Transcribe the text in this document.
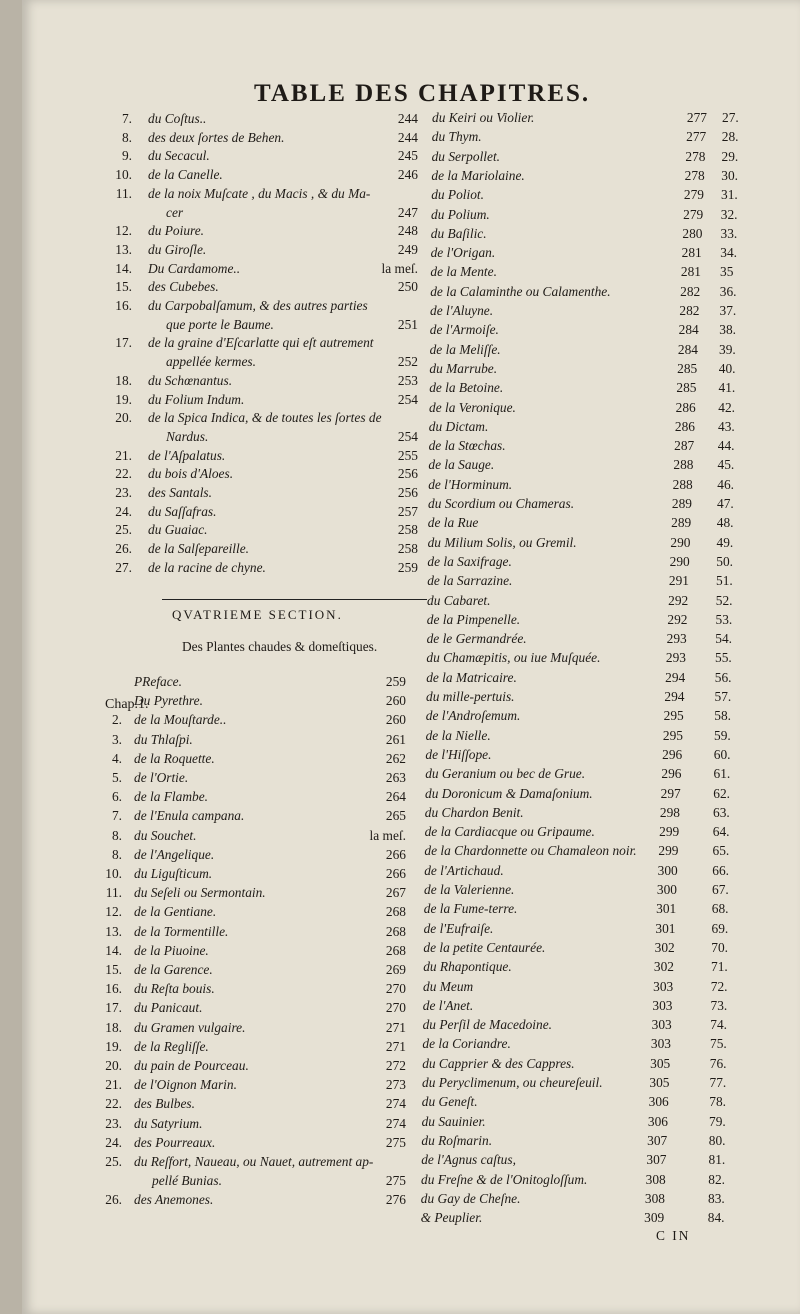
TABLE DES CHAPITRES.
7. du Coſtus..	244
8. des deux ſortes de Behen.	244
9. du Secacul.	245
10. de la Canelle.	246
11. de la noix Muſcate , du Macis , & du Ma-
cer	247
12. du Poiure.	248
13. du Giroſle.	249
14. Du Cardamome..	la meſ.
15. des Cubebes.	250
16. du Carpobalſamum, & des autres parties
que porte le Baume.	251
17. de la graine d'Eſcarlatte qui eſt autrement
appellée kermes.	252
18. du Schœnantus.	253
19. du Folium Indum.	254
20. de la Spica Indica, & de toutes les ſortes de
Nardus.	254
21. de l'Aſpalatus.	255
22. du bois d'Aloes.	256
23. des Santals.	256
24. du Saſſafras.	257
25. du Guaiac.	258
26. de la Salſepareille.	258
27. de la racine de chyne.	259
QVATRIEME SECTION.
Des Plantes chaudes & domeſtiques.
Chap.1.
PReface.	259
Du Pyrethre.	260
2. de la Mouſtarde..	260
3. du Thlaſpi.	261
4. de la Roquette.	262
5. de l'Ortie.	263
6. de la Flambe.	264
7. de l'Enula campana.	265
8. du Souchet.	la meſ.
8. de l'Angelique.	266
10. du Liguſticum.	266
11. du Seſeli ou Sermontain.	267
12. de la Gentiane.	268
13. de la Tormentille.	268
14. de la Piuoine.	268
15. de la Garence.	269
16. du Reſta bouis.	270
17. du Panicaut.	270
18. du Gramen vulgaire.	271
19. de la Regliſſe.	271
20. du pain de Pourceau.	272
21. de l'Oignon Marin.	273
22. des Bulbes.	274
23. du Satyrium.	274
24. des Pourreaux.	275
25. du Reſfort, Naueau, ou Nauet, autrement ap-
pellé Bunias.	275
26. des Anemones.	276
du Keiri ou Violier.	277 27.
du Thym.	277 28.
du Serpollet.	278 29.
de la Mariolaine.	278 30.
du Poliot.	279 31.
du Polium.	279 32.
du Baſilic.	280 33.
de l'Origan.	281 34.
de la Mente.	281 35
de la Calaminthe ou Calamenthe.	282 36.
de l'Aluyne.	282 37.
de l'Armoiſe.	284 38.
de la Meliſſe.	284 39.
du Marrube.	285 40.
de la Betoine.	285 41.
de la Veronique.	286 42.
du Dictam.	286 43.
de la Stœchas.	287 44.
de la Sauge.	288 45.
de l'Horminum.	288 46.
du Scordium ou Chameras.	289 47.
de la Rue	289 48.
du Milium Solis, ou Gremil.	290 49.
de la Saxifrage.	290 50.
de la Sarrazine.	291 51.
du Cabaret.	292 52.
de la Pimpenelle.	292 53.
de le Germandrée.	293 54.
du Chamæpitis, ou iue Muſquée.	293 55.
de la Matricaire.	294 56.
du mille-pertuis.	294 57.
de l'Androſemum.	295 58.
de la Nielle.	295 59.
de l'Hiſſope.	296 60.
du Geranium ou bec de Grue.	296 61.
du Doronicum & Damaſonium.	297 62.
du Chardon Benit.	298 63.
de la Cardiacque ou Gripaume.	299	64.
de la Chardonnette ou Chamaleon noir.	299	65.
de l'Artichaud.	300	66.
de la Valerienne.	300	67.
de la Fume-terre.	301	68.
de l'Eufraiſe.	301	69.
de la petite Centaurée.	302	70.
du Rhapontique.	302	71.
du Meum	303	72.
de l'Anet.	303	73.
du Perſil de Macedoine.	303	74.
de la Coriandre.	303	75.
du Capprier & des Cappres.	305	76.
du Peryclimenum, ou cheureſeuil.	305	77.
du Geneſt.	306	78.
du Sauinier.	306	79.
du Roſmarin.	307	80.
de l'Agnus caſtus,	307	81.
du Freſne & de l'Onitogloſſum.	308	82.
du Gay de Cheſne.	308	83.
& Peuplier.	309	84.
C IN
